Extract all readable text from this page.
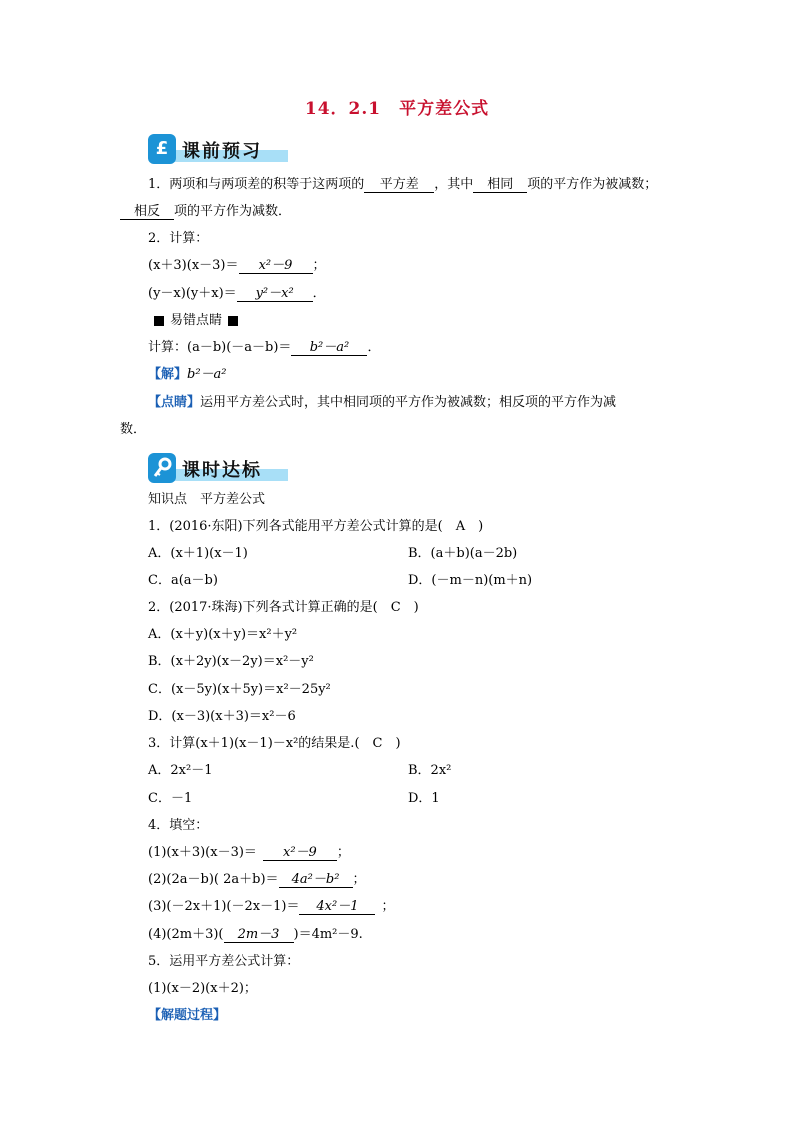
14．2.1　平方差公式
£ 课前预习
1．两项和与两项差的积等于这两项的 平方差 ，其中 相同 项的平方作为被减数；
相反 项的平方作为减数．
2．计算：
(x＋3)(x－3)＝ x²－9 ；
(y－x)(y＋x)＝ y²－x² ．
易错点睛
计算：(a－b)(－a－b)＝ b²－a² ．
【解】b²－a²
【点睛】运用平方差公式时，其中相同项的平方作为被减数；相反项的平方作为减
数．
课时达标
知识点　平方差公式
1．(2016·东阳)下列各式能用平方差公式计算的是(　A　)
A．(x＋1)(x－1)	B．(a＋b)(a－2b)
C．a(a－b)	D．(－m－n)(m＋n)
2．(2017·珠海)下列各式计算正确的是(　C　)
A．(x＋y)(x＋y)＝x²＋y²
B．(x＋2y)(x－2y)＝x²－y²
C．(x－5y)(x＋5y)＝x²－25y²
D．(x－3)(x＋3)＝x²－6
3．计算(x＋1)(x－1)－x²的结果是.(　C　)
A．2x²－1	B．2x²
C．－1	D．1
4．填空：
(1)(x＋3)(x－3)＝ x²－9 ；
(2)(2a－b)( 2a＋b)＝ 4a²－b² ；
(3)(－2x＋1)(－2x－1)＝ 4x²－1 ；
(4)(2m＋3)( 2m－3 )＝4m²－9.
5．运用平方差公式计算：
(1)(x－2)(x＋2)；
【解题过程】
